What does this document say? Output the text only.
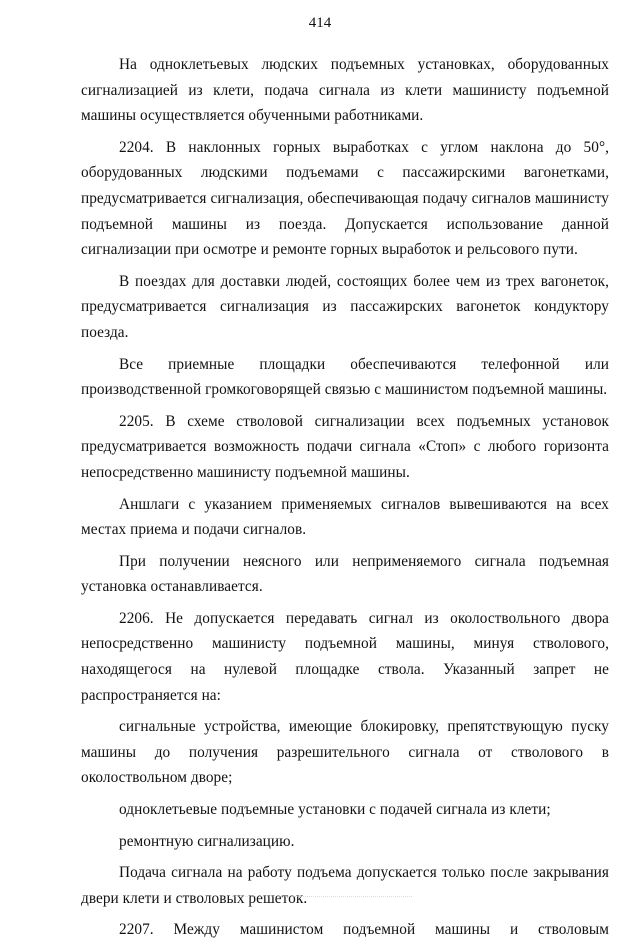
414

На одноклетьевых людских подъемных установках, оборудованных сигнализацией из клети, подача сигнала из клети машинисту подъемной машины осуществляется обученными работниками.

2204. В наклонных горных выработках с углом наклона до 50°, оборудованных людскими подъемами с пассажирскими вагонетками, предусматривается сигнализация, обеспечивающая подачу сигналов машинисту подъемной машины из поезда. Допускается использование данной сигнализации при осмотре и ремонте горных выработок и рельсового пути.

В поездах для доставки людей, состоящих более чем из трех вагонеток, предусматривается сигнализация из пассажирских вагонеток кондуктору поезда.

Все приемные площадки обеспечиваются телефонной или производственной громкоговорящей связью с машинистом подъемной машины.

2205. В схеме стволовой сигнализации всех подъемных установок предусматривается возможность подачи сигнала «Стоп» с любого горизонта непосредственно машинисту подъемной машины.

Аншлаги с указанием применяемых сигналов вывешиваются на всех местах приема и подачи сигналов.

При получении неясного или неприменяемого сигнала подъемная установка останавливается.

2206. Не допускается передавать сигнал из околоствольного двора непосредственно машинисту подъемной машины, минуя стволового, находящегося на нулевой площадке ствола. Указанный запрет не распространяется на:

сигнальные устройства, имеющие блокировку, препятствующую пуску машины до получения разрешительного сигнала от стволового в околоствольном дворе;

одноклетьевые подъемные установки с подачей сигнала из клети;

ремонтную сигнализацию.

Подача сигнала на работу подъема допускается только после закрывания двери клети и стволовых решеток.

2207. Между машинистом подъемной машины и стволовым
